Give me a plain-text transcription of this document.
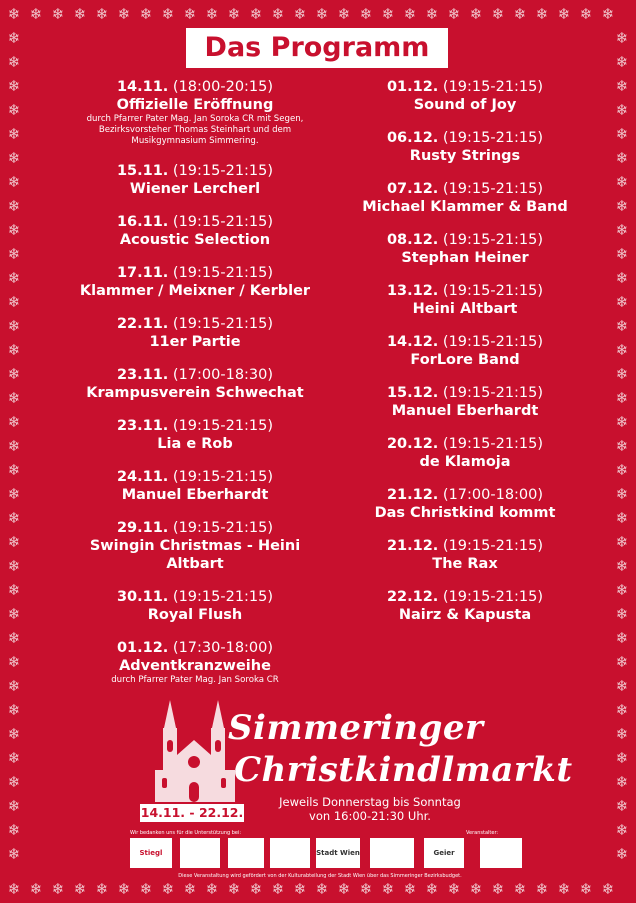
❄
❄
❄
❄
❄
❄
❄
❄
❄
❄
❄
❄
❄
❄
❄
❄
❄
❄
❄
❄
❄
❄
❄
❄
❄
❄
❄
❄
❄
❄
❄
❄
❄
❄
❄
❄
❄
❄
❄
❄
❄
❄
❄
❄
❄
❄
❄
❄
❄
❄
❄
❄
❄
❄
❄
❄
❄	❄
❄	❄
❄	❄
❄	❄
❄	❄
❄	❄
❄	❄
❄	❄
❄	❄
❄	❄
❄	❄
❄	❄
❄	❄
❄	❄
❄	❄
❄	❄
❄	❄
❄	❄
❄	❄
❄	❄
❄	❄
❄	❄
❄	❄
❄	❄
❄	❄
❄	❄
❄	❄
❄	❄
❄	❄
❄	❄
❄	❄
❄	❄
❄	❄
❄	❄
❄	❄
Das Programm
14.11. (18:00-20:15)
Offizielle Eröffnung
durch Pfarrer Pater Mag. Jan Soroka CR mit Segen, Bezirksvorsteher Thomas Steinhart und dem Musikgymnasium Simmering.
15.11. (19:15-21:15)
Wiener Lercherl
16.11. (19:15-21:15)
Acoustic Selection
17.11. (19:15-21:15)
Klammer / Meixner / Kerbler
22.11. (19:15-21:15)
11er Partie
23.11. (17:00-18:30)
Krampusverein Schwechat
23.11. (19:15-21:15)
Lia e Rob
24.11. (19:15-21:15)
Manuel Eberhardt
29.11. (19:15-21:15)
Swingin Christmas - Heini Altbart
30.11. (19:15-21:15)
Royal Flush
01.12. (17:30-18:00)
Adventkranzweihe
durch Pfarrer Pater Mag. Jan Soroka CR
01.12. (19:15-21:15)
Sound of Joy
06.12. (19:15-21:15)
Rusty Strings
07.12. (19:15-21:15)
Michael Klammer & Band
08.12. (19:15-21:15)
Stephan Heiner
13.12. (19:15-21:15)
Heini Altbart
14.12. (19:15-21:15)
ForLore Band
15.12. (19:15-21:15)
Manuel Eberhardt
20.12. (19:15-21:15)
de Klamoja
21.12. (17:00-18:00)
Das Christkind kommt
21.12. (19:15-21:15)
The Rax
22.12. (19:15-21:15)
Nairz & Kapusta
Simmeringer
Christkindlmarkt
14.11. - 22.12.
Jeweils Donnerstag bis Sonntag
von 16:00-21:30 Uhr.
Wir bedanken uns für die Unterstützung bei:	Veranstalter:
Stiegl	Stadt Wien	Geier
Diese Veranstaltung wird gefördert von der Kulturabteilung der Stadt Wien über das Simmeringer Bezirksbudget.
